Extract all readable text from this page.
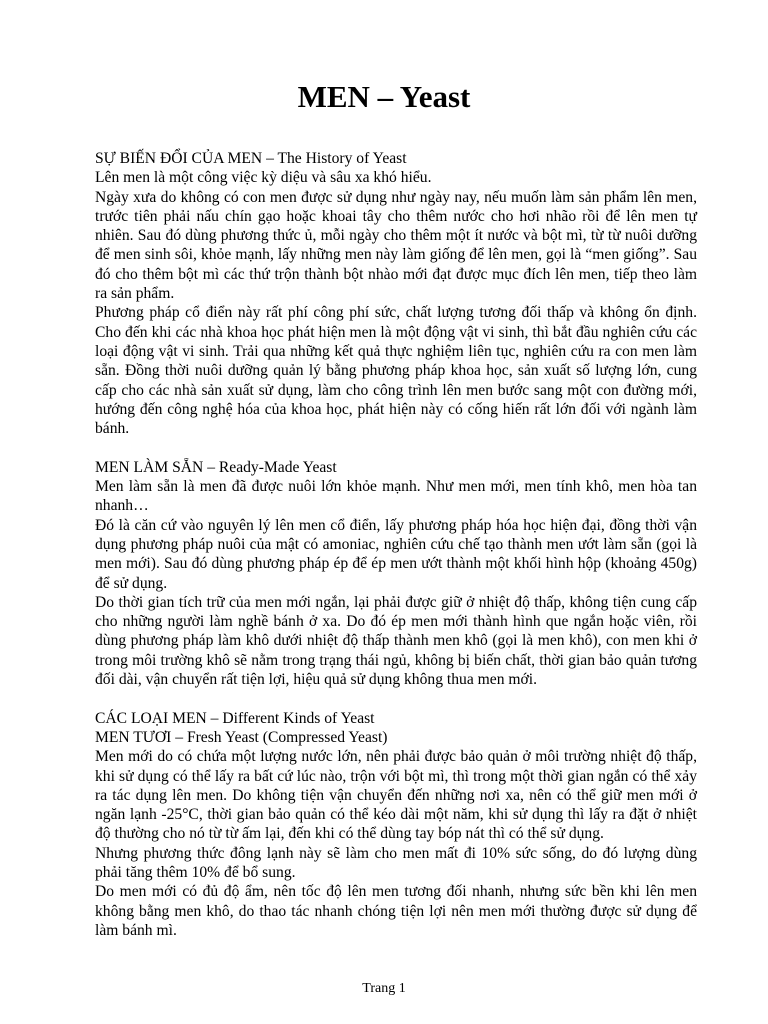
MEN – Yeast

SỰ BIẾN ĐỔI CỦA MEN – The History of Yeast

Lên men là một công việc kỳ diệu và sâu xa khó hiểu.

Ngày xưa do không có con men được sử dụng như ngày nay, nếu muốn làm sản phẩm lên men, trước tiên phải nấu chín gạo hoặc khoai tây cho thêm nước cho hơi nhão rồi để lên men tự nhiên. Sau đó dùng phương thức ủ, mỗi ngày cho thêm một ít nước và bột mì, từ từ nuôi dưỡng để men sinh sôi, khỏe mạnh, lấy những men này làm giống để lên men, gọi là “men giống”. Sau đó cho thêm bột mì các thứ trộn thành bột nhào mới đạt được mục đích lên men, tiếp theo làm ra sản phẩm.

Phương pháp cổ điển này rất phí công phí sức, chất lượng tương đối thấp và không ổn định. Cho đến khi các nhà khoa học phát hiện men là một động vật vi sinh, thì bắt đầu nghiên cứu các loại động vật vi sinh. Trải qua những kết quả thực nghiệm liên tục, nghiên cứu ra con men làm sẵn. Đồng thời nuôi dưỡng quản lý bằng phương pháp khoa học, sản xuất số lượng lớn, cung cấp cho các nhà sản xuất sử dụng, làm cho công trình lên men bước sang một con đường mới, hướng đến công nghệ hóa của khoa học, phát hiện này có cống hiến rất lớn đối với ngành làm bánh.

MEN LÀM SẴN – Ready-Made Yeast

Men làm sẵn là men đã được nuôi lớn khỏe mạnh. Như men mới, men tính khô, men hòa tan nhanh…

Đó là căn cứ vào nguyên lý lên men cổ điển, lấy phương pháp hóa học hiện đại, đồng thời vận dụng phương pháp nuôi của mật có amoniac, nghiên cứu chế tạo thành men ướt làm sẵn (gọi là men mới). Sau đó dùng phương pháp ép để ép men ướt thành một khối hình hộp (khoảng 450g) để sử dụng.

Do thời gian tích trữ của men mới ngắn, lại phải được giữ ở nhiệt độ thấp, không tiện cung cấp cho những người làm nghề bánh ở xa. Do đó ép men mới thành hình que ngắn hoặc viên, rồi dùng phương pháp làm khô dưới nhiệt độ thấp thành men khô (gọi là men khô), con men khi ở trong môi trường khô sẽ nằm trong trạng thái ngủ, không bị biến chất, thời gian bảo quản tương đối dài, vận chuyển rất tiện lợi, hiệu quả sử dụng không thua men mới.

CÁC LOẠI MEN – Different Kinds of Yeast

MEN TƯƠI – Fresh Yeast (Compressed Yeast)

Men mới do có chứa một lượng nước lớn, nên phải được bảo quản ở môi trường nhiệt độ thấp, khi sử dụng có thể lấy ra bất cứ lúc nào, trộn với bột mì, thì trong một thời gian ngắn có thể xảy ra tác dụng lên men. Do không tiện vận chuyển đến những nơi xa, nên có thể giữ men mới ở ngăn lạnh -25°C, thời gian bảo quản có thể kéo dài một năm, khi sử dụng thì lấy ra đặt ở nhiệt độ thường cho nó từ từ ấm lại, đến khi có thể dùng tay bóp nát thì có thể sử dụng.

Nhưng phương thức đông lạnh này sẽ làm cho men mất đi 10% sức sống, do đó lượng dùng phải tăng thêm 10% để bổ sung.

Do men mới có đủ độ ẩm, nên tốc độ lên men tương đối nhanh, nhưng sức bền khi lên men không bằng men khô, do thao tác nhanh chóng tiện lợi nên men mới thường được sử dụng để làm bánh mì.

Trang 1
